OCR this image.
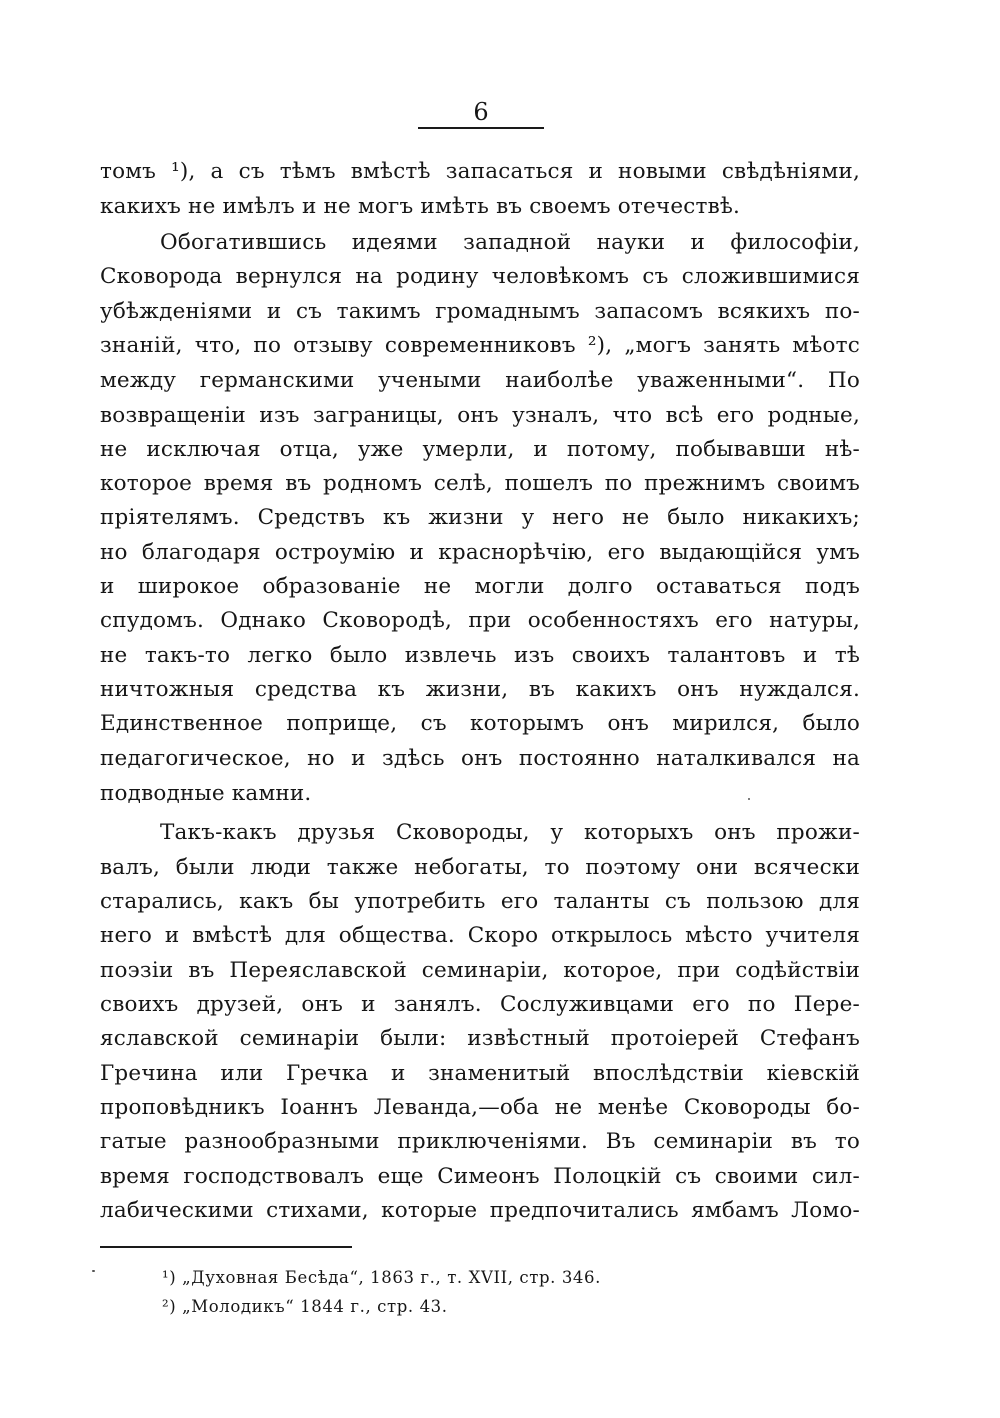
6
томъ ¹), а съ тѣмъ вмѣстѣ запасаться и новыми свѣдѣніями,
какихъ не имѣлъ и не могъ имѣть въ своемъ отечествѣ.
Обогатившись идеями западной науки и философіи,
Сковорода вернулся на родину человѣкомъ съ сложившимися
убѣжденіями и съ такимъ громаднымъ запасомъ всякихъ по-
знаній, что, по отзыву современниковъ ²), „могъ занять мѣотс
между германскими учеными наиболѣе уваженными“. По
возвращеніи изъ заграницы, онъ узналъ, что всѣ его родные,
не исключая отца, уже умерли, и потому, побывавши нѣ-
которое время въ родномъ селѣ, пошелъ по прежнимъ своимъ
пріятелямъ. Средствъ къ жизни у него не было никакихъ;
но благодаря остроумію и краснорѣчію, его выдающійся умъ
и широкое образованіе не могли долго оставаться подъ
спудомъ. Однако Сковородѣ, при особенностяхъ его натуры,
не такъ-то легко было извлечь изъ своихъ талантовъ и тѣ
ничтожныя средства къ жизни, въ какихъ онъ нуждался.
Единственное поприще, съ которымъ онъ мирился, было
педагогическое, но и здѣсь онъ постоянно наталкивался на
подводные камни.
Такъ-какъ друзья Сковороды, у которыхъ онъ прожи-
валъ, были люди также небогаты, то поэтому они всячески
старались, какъ бы употребить его таланты съ пользою для
него и вмѣстѣ для общества. Скоро открылось мѣсто учителя
поэзіи въ Переяславской семинаріи, которое, при содѣйствіи
своихъ друзей, онъ и занялъ. Сослуживцами его по Пере-
яславской семинаріи были: извѣстный протоіерей Стефанъ
Гречина или Гречка и знаменитый впослѣдствіи кіевскій
проповѣдникъ Іоаннъ Леванда,—оба не менѣе Сковороды бо-
гатые разнообразными приключеніями. Въ семинаріи въ то
время господствовалъ еще Симеонъ Полоцкій съ своими сил-
лабическими стихами, которые предпочитались ямбамъ Ломо-
¹) „Духовная Бесѣда“, 1863 г., т. XVII, стр. 346.
²) „Молодикъ“ 1844 г., стр. 43.
